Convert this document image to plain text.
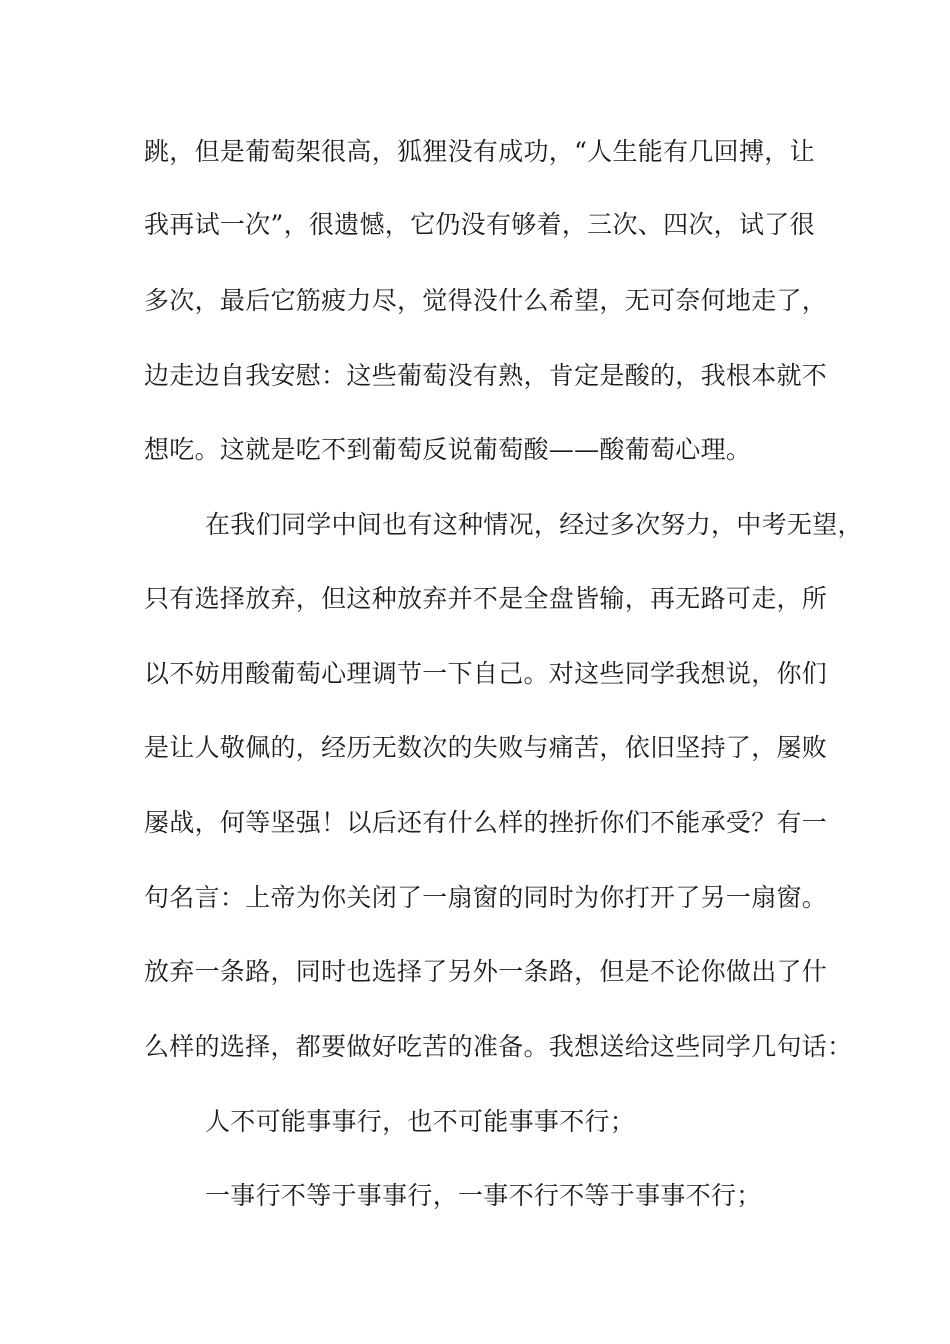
跳，但是葡萄架很高，狐狸没有成功，“人生能有几回搏，让
我再试一次”，很遗憾，它仍没有够着，三次、四次，试了很
多次，最后它筋疲力尽，觉得没什么希望，无可奈何地走了，
边走边自我安慰：这些葡萄没有熟，肯定是酸的，我根本就不
想吃。这就是吃不到葡萄反说葡萄酸——酸葡萄心理。
在我们同学中间也有这种情况，经过多次努力，中考无望，
只有选择放弃，但这种放弃并不是全盘皆输，再无路可走，所
以不妨用酸葡萄心理调节一下自己。对这些同学我想说，你们
是让人敬佩的，经历无数次的失败与痛苦，依旧坚持了，屡败
屡战，何等坚强！以后还有什么样的挫折你们不能承受？有一
句名言：上帝为你关闭了一扇窗的同时为你打开了另一扇窗。
放弃一条路，同时也选择了另外一条路，但是不论你做出了什
么样的选择，都要做好吃苦的准备。我想送给这些同学几句话：
人不可能事事行，也不可能事事不行；
一事行不等于事事行，一事不行不等于事事不行；
